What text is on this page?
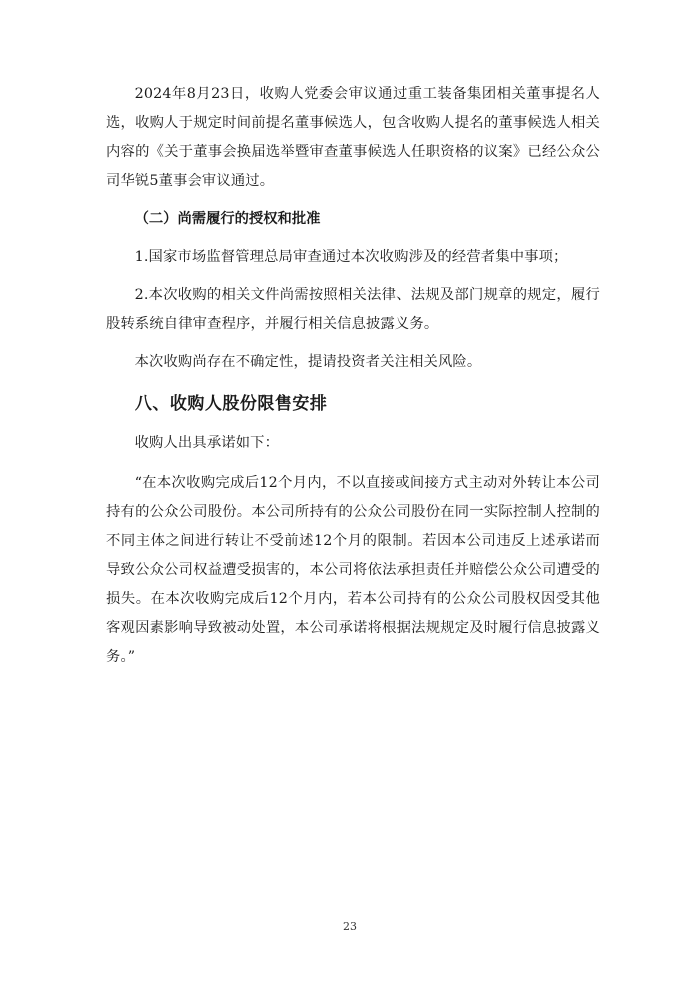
2024年8月23日，收购人党委会审议通过重工装备集团相关董事提名人选，收购人于规定时间前提名董事候选人，包含收购人提名的董事候选人相关内容的《关于董事会换届选举暨审查董事候选人任职资格的议案》已经公众公司华锐5董事会审议通过。

（二）尚需履行的授权和批准

1.国家市场监督管理总局审查通过本次收购涉及的经营者集中事项；

2.本次收购的相关文件尚需按照相关法律、法规及部门规章的规定，履行股转系统自律审查程序，并履行相关信息披露义务。

本次收购尚存在不确定性，提请投资者关注相关风险。

八、收购人股份限售安排

收购人出具承诺如下：

“在本次收购完成后12个月内，不以直接或间接方式主动对外转让本公司持有的公众公司股份。本公司所持有的公众公司股份在同一实际控制人控制的不同主体之间进行转让不受前述12个月的限制。若因本公司违反上述承诺而导致公众公司权益遭受损害的，本公司将依法承担责任并赔偿公众公司遭受的损失。在本次收购完成后12个月内，若本公司持有的公众公司股权因受其他客观因素影响导致被动处置，本公司承诺将根据法规规定及时履行信息披露义务。”

23
